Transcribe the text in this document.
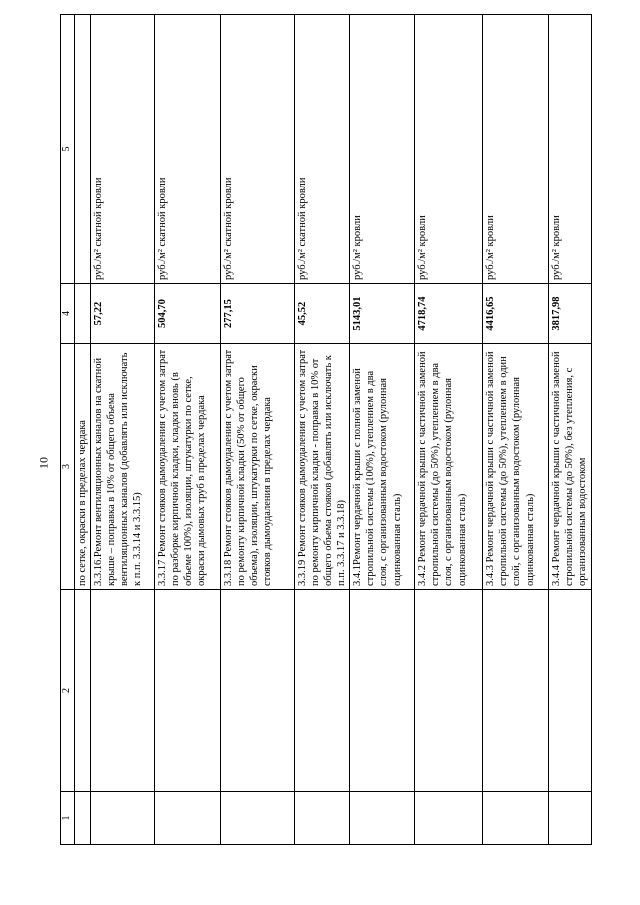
10
1	2	3	4	5
		по сетке, окраски в пределах чердака		
		3.3.16.Ремонт вентиляционных каналов на скатной крыше – поправка в 10% от общего объема вентиляционных каналов (добавлять или исключать к п.п. 3.3.14 и 3.3.15)	57,22	руб./м² скатной кровли
		3.3.17 Ремонт стояков дымоудаления с учетом затрат по разборке кирпичной кладки, кладки вновь (в объеме 100%), изоляции, штукатурки по сетке, окраски дымовых труб в пределах чердака	504,70	руб./м² скатной кровли
		3.3.18 Ремонт стояков дымоудаления с учетом затрат по ремонту кирпичной кладки (50% от общего объема), изоляции, штукатурки по сетке, окраски стояков дымоудаления в пределах чердака	277,15	руб./м² скатной кровли
		3.3.19 Ремонт стояков дымоудаления с учетом затрат по ремонту кирпичной кладки - поправка в 10% от общего объема стояков (добавлять или исключать к п.п. 3.3.17 и 3.3.18)	45,52	руб./м² скатной кровли
		3.4.1Ремонт чердачной крыши с полной заменой стропильной системы (100%), утеплением в два слоя, с организованным водостоком (рулонная оцинкованная сталь)	5143,01	руб./м² кровли
		3.4.2 Ремонт чердачной крыши с частичной заменой стропильной системы (до 50%), утеплением в два слоя, с организованным водостоком (рулонная оцинкованная сталь)	4718,74	руб./м² кровли
		3.4.3 Ремонт чердачной крыши с частичной заменой стропильной системы (до 50%), утеплением в один слой, с организованным водостоком (рулонная оцинкованная сталь)	4416,65	руб./м² кровли
		3.4.4 Ремонт чердачной крыши с частичной заменой стропильной системы (до 50%), без утепления, с организованным водостоком	3817,98	руб./м² кровли
